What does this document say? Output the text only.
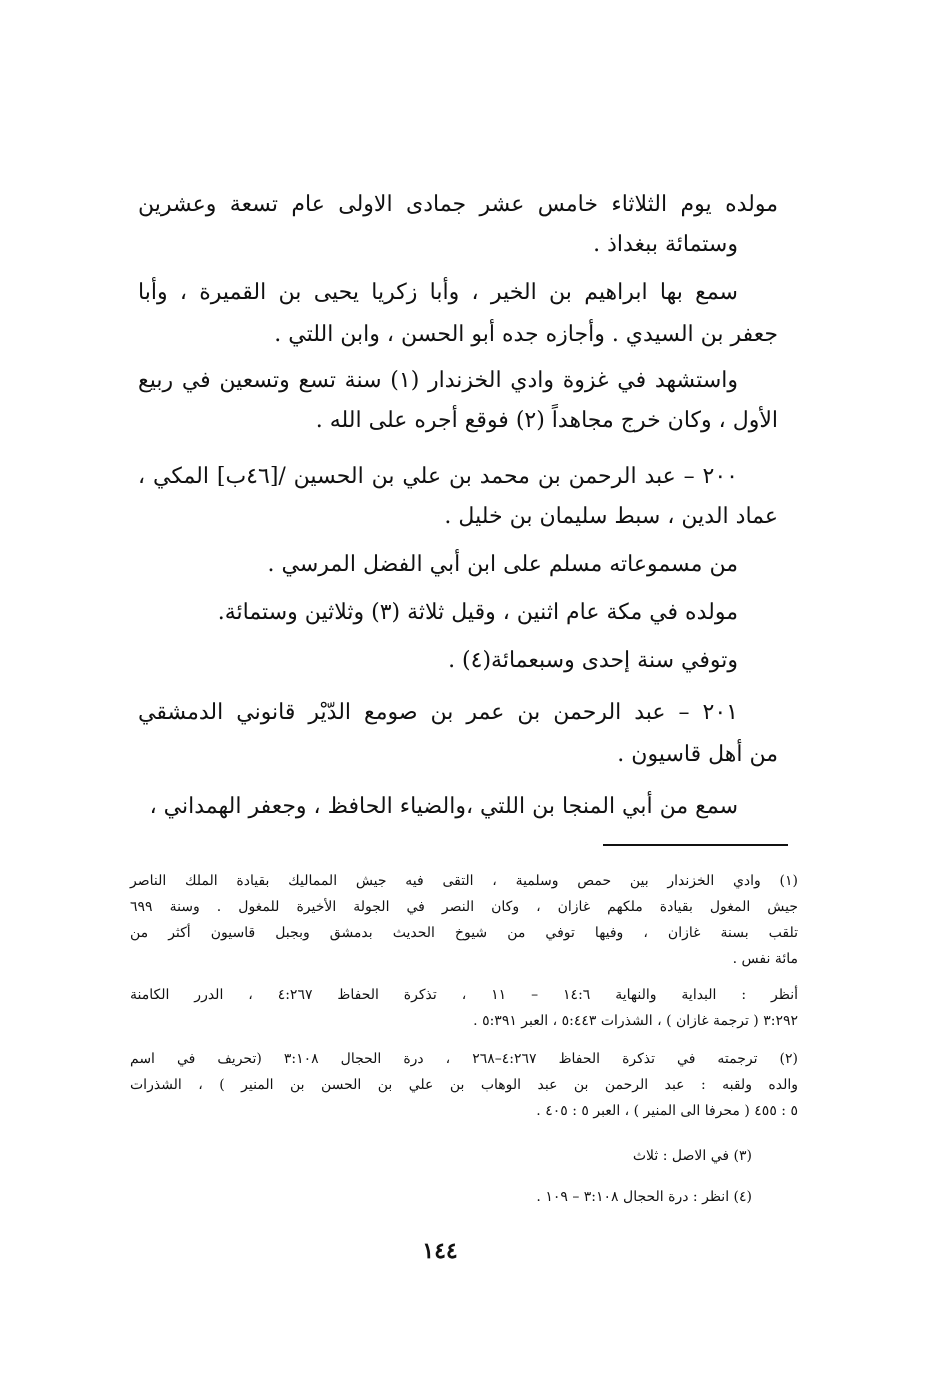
مولده يوم الثلاثاء خامس عشر جمادى الاولى عام تسعة وعشرين
وستمائة ببغداذ .
سمع بها ابراهيم بن الخير ، وأبا زكريا يحيى بن القميرة ، وأبا
جعفر بن السيدي . وأجازه جده أبو الحسن ، وابن اللتي .
واستشهد في غزوة وادي الخزندار (١) سنة تسع وتسعين في ربيع
الأول ، وكان خرج مجاهداً (٢) فوقع أجره على الله .
٢٠٠ – عبد الرحمن بن محمد بن علي بن الحسين /[٤٦ب] المكي ،
عماد الدين ، سبط سليمان بن خليل .
من مسموعاته مسلم على ابن أبي الفضل المرسي .
مولده في مكة عام اثنين ، وقيل ثلاثة (٣) وثلاثين وستمائة.
وتوفي سنة إحدى وسبعمائة(٤) .
٢٠١ – عبد الرحمن بن عمر بن صومع الدّيْر قانوني الدمشقي
من أهل قاسيون .
سمع من أبي المنجا بن اللتي ،والضياء الحافظ ، وجعفر الهمداني ،
(١) وادي الخزندار بين حمص وسلمية ، التقى فيه جيش المماليك بقيادة الملك الناصر
جيش المغول بقيادة ملكهم غازان ، وكان النصر في الجولة الأخيرة للمغول . وسنة ٦٩٩
تلقب بسنة غازان ، وفيها توفي من شيوخ الحديث بدمشق وبجبل قاسيون أكثر من
مائة نفس .
أنظر : البداية والنهاية ١٤:٦ – ١١ ، تذكرة الحفاظ ٤:٢٦٧ ، الدرر الكامنة
٣:٢٩٢ ( ترجمة غازان ) ، الشذرات ٥:٤٤٣ ، العبر ٥:٣٩١ .
(٢) ترجمته في تذكرة الحفاظ ٤:٢٦٧–٢٦٨ ، درة الحجال ٣:١٠٨ (تحريف في اسم
والده ولقبه : عبد الرحمن بن عبد الوهاب بن علي بن الحسن بن المنير ) ، الشذرات
٥ : ٤٥٥ ( محرفا الى المنير ) ، العبر ٥ : ٤٠٥ .
(٣) في الاصل : ثلاث
(٤) انظر : درة الحجال ٣:١٠٨ – ١٠٩ .
١٤٤
